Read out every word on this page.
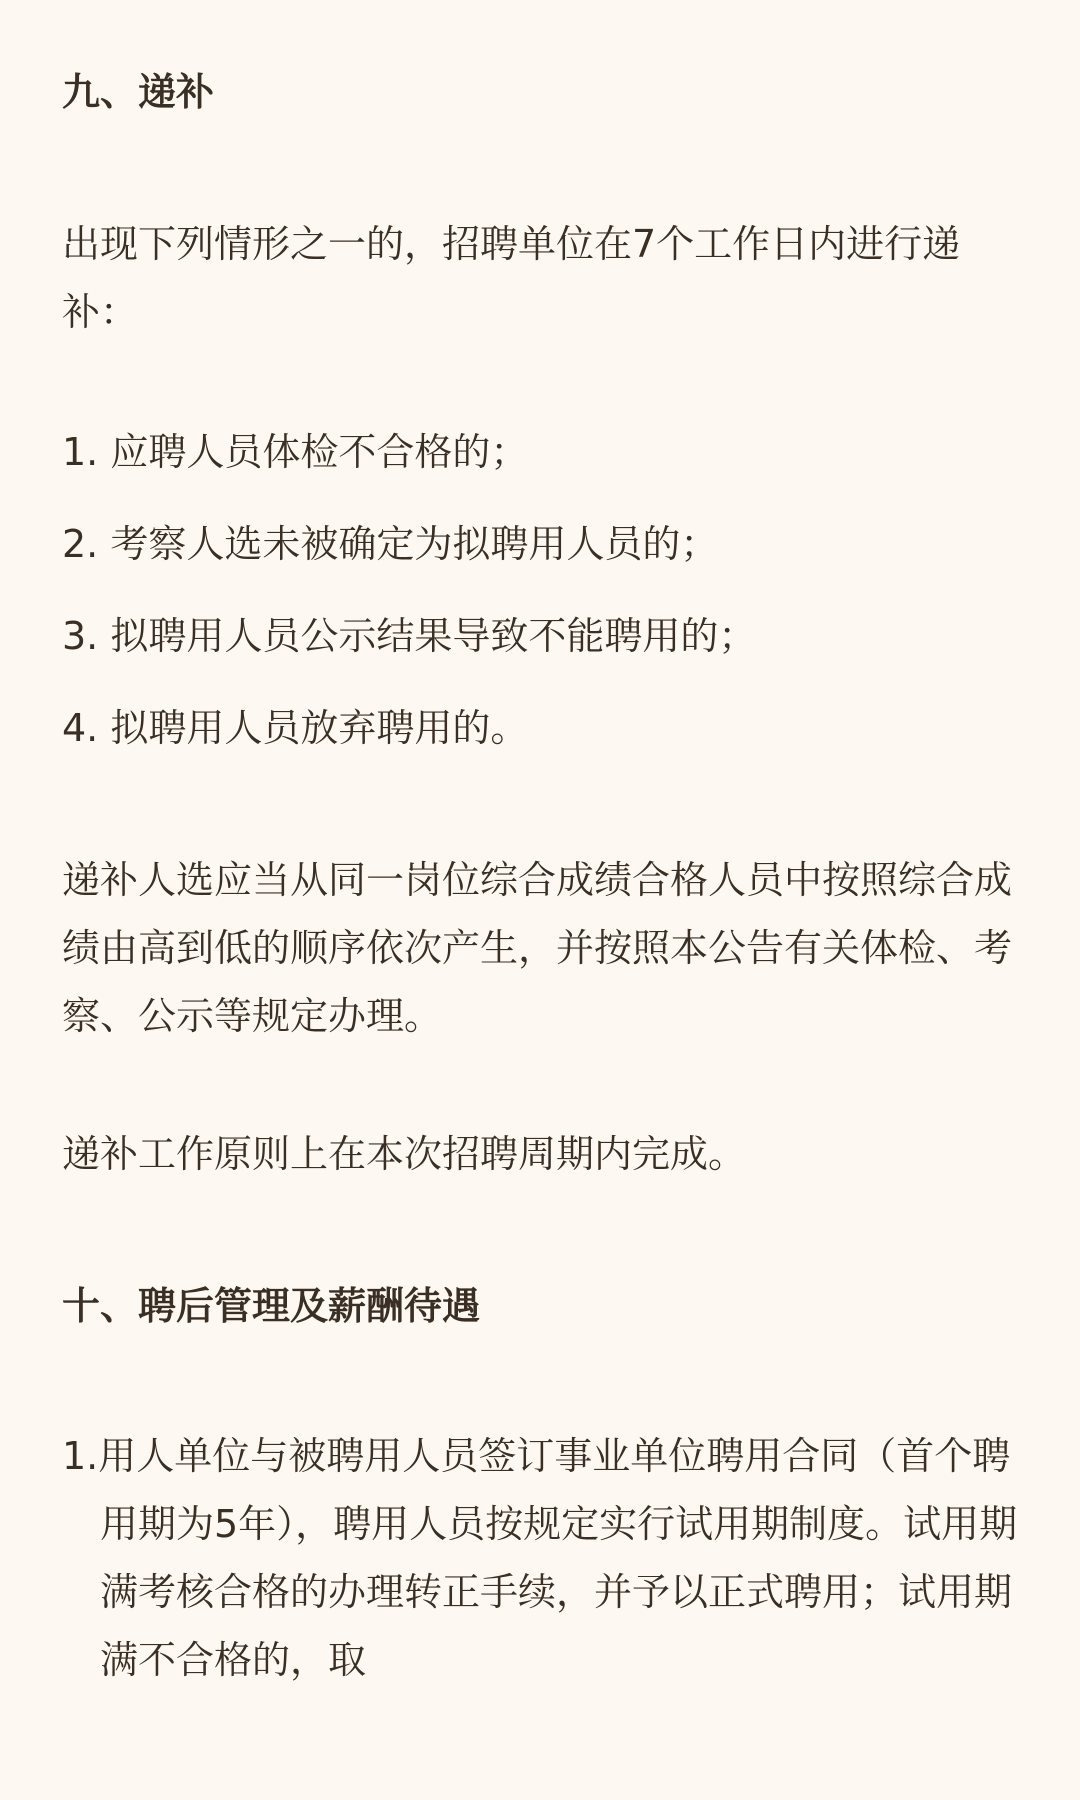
九、递补

出现下列情形之一的，招聘单位在7个工作日内进行递补：

1. 应聘人员体检不合格的；
2. 考察人选未被确定为拟聘用人员的；
3. 拟聘用人员公示结果导致不能聘用的；
4. 拟聘用人员放弃聘用的。

递补人选应当从同一岗位综合成绩合格人员中按照综合成绩由高到低的顺序依次产生，并按照本公告有关体检、考察、公示等规定办理。

递补工作原则上在本次招聘周期内完成。

十、聘后管理及薪酬待遇

1.用人单位与被聘用人员签订事业单位聘用合同（首个聘用期为5年），聘用人员按规定实行试用期制度。试用期满考核合格的办理转正手续，并予以正式聘用；试用期满不合格的，取
